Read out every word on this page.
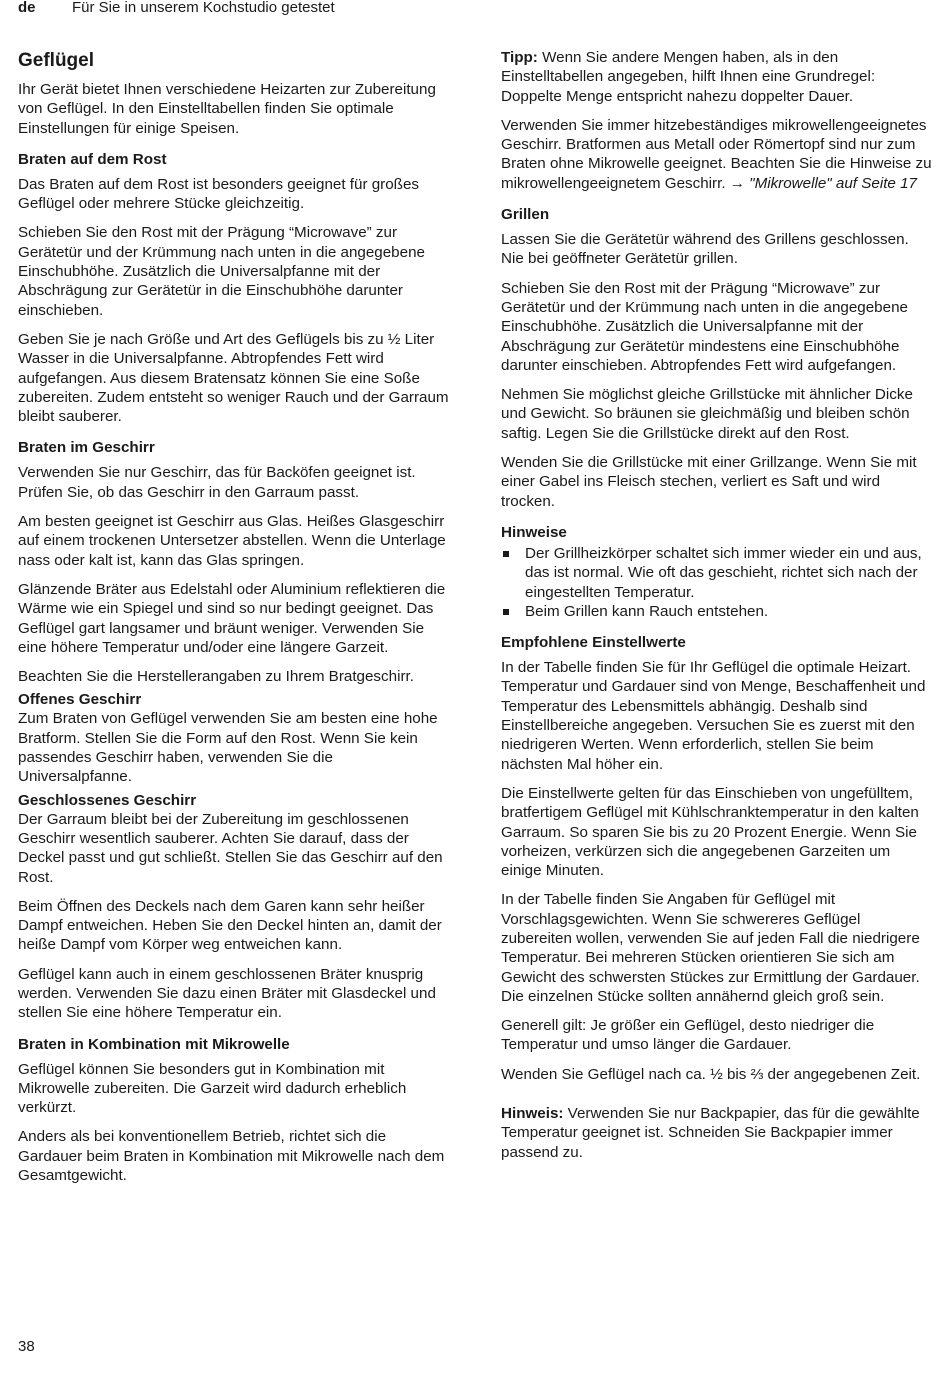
de Für Sie in unserem Kochstudio getestet
Geflügel

Ihr Gerät bietet Ihnen verschiedene Heizarten zur Zubereitung von Geflügel. In den Einstelltabellen finden Sie optimale Einstellungen für einige Speisen.

Braten auf dem Rost

Das Braten auf dem Rost ist besonders geeignet für großes Geflügel oder mehrere Stücke gleichzeitig.

Schieben Sie den Rost mit der Prägung “Microwave” zur Gerätetür und der Krümmung nach unten in die angegebene Einschubhöhe. Zusätzlich die Universalpfanne mit der Abschrägung zur Gerätetür in die Einschubhöhe darunter einschieben.

Geben Sie je nach Größe und Art des Geflügels bis zu ½ Liter Wasser in die Universalpfanne. Abtropfendes Fett wird aufgefangen. Aus diesem Bratensatz können Sie eine Soße zubereiten. Zudem entsteht so weniger Rauch und der Garraum bleibt sauberer.

Braten im Geschirr

Verwenden Sie nur Geschirr, das für Backöfen geeignet ist. Prüfen Sie, ob das Geschirr in den Garraum passt.

Am besten geeignet ist Geschirr aus Glas. Heißes Glasgeschirr auf einem trockenen Untersetzer abstellen. Wenn die Unterlage nass oder kalt ist, kann das Glas springen.

Glänzende Bräter aus Edelstahl oder Aluminium reflektieren die Wärme wie ein Spiegel und sind so nur bedingt geeignet. Das Geflügel gart langsamer und bräunt weniger. Verwenden Sie eine höhere Temperatur und/oder eine längere Garzeit.

Beachten Sie die Herstellerangaben zu Ihrem Bratgeschirr.

Offenes Geschirr

Zum Braten von Geflügel verwenden Sie am besten eine hohe Bratform. Stellen Sie die Form auf den Rost. Wenn Sie kein passendes Geschirr haben, verwenden Sie die Universalpfanne.

Geschlossenes Geschirr

Der Garraum bleibt bei der Zubereitung im geschlossenen Geschirr wesentlich sauberer. Achten Sie darauf, dass der Deckel passt und gut schließt. Stellen Sie das Geschirr auf den Rost.

Beim Öffnen des Deckels nach dem Garen kann sehr heißer Dampf entweichen. Heben Sie den Deckel hinten an, damit der heiße Dampf vom Körper weg entweichen kann.

Geflügel kann auch in einem geschlossenen Bräter knusprig werden. Verwenden Sie dazu einen Bräter mit Glasdeckel und stellen Sie eine höhere Temperatur ein.

Braten in Kombination mit Mikrowelle

Geflügel können Sie besonders gut in Kombination mit Mikrowelle zubereiten. Die Garzeit wird dadurch erheblich verkürzt.

Anders als bei konventionellem Betrieb, richtet sich die Gardauer beim Braten in Kombination mit Mikrowelle nach dem Gesamtgewicht.

Tipp: Wenn Sie andere Mengen haben, als in den Einstelltabellen angegeben, hilft Ihnen eine Grundregel: Doppelte Menge entspricht nahezu doppelter Dauer.

Verwenden Sie immer hitzebeständiges mikrowellengeeignetes Geschirr. Bratformen aus Metall oder Römertopf sind nur zum Braten ohne Mikrowelle geeignet. Beachten Sie die Hinweise zu mikrowellengeeignetem Geschirr. → "Mikrowelle" auf Seite 17

Grillen

Lassen Sie die Gerätetür während des Grillens geschlossen. Nie bei geöffneter Gerätetür grillen.

Schieben Sie den Rost mit der Prägung “Microwave” zur Gerätetür und der Krümmung nach unten in die angegebene Einschubhöhe. Zusätzlich die Universalpfanne mit der Abschrägung zur Gerätetür mindestens eine Einschubhöhe darunter einschieben. Abtropfendes Fett wird aufgefangen.

Nehmen Sie möglichst gleiche Grillstücke mit ähnlicher Dicke und Gewicht. So bräunen sie gleichmäßig und bleiben schön saftig. Legen Sie die Grillstücke direkt auf den Rost.

Wenden Sie die Grillstücke mit einer Grillzange. Wenn Sie mit einer Gabel ins Fleisch stechen, verliert es Saft und wird trocken.

Hinweise
Der Grillheizkörper schaltet sich immer wieder ein und aus, das ist normal. Wie oft das geschieht, richtet sich nach der eingestellten Temperatur.
Beim Grillen kann Rauch entstehen.
Empfohlene Einstellwerte

In der Tabelle finden Sie für Ihr Geflügel die optimale Heizart. Temperatur und Gardauer sind von Menge, Beschaffenheit und Temperatur des Lebensmittels abhängig. Deshalb sind Einstellbereiche angegeben. Versuchen Sie es zuerst mit den niedrigeren Werten. Wenn erforderlich, stellen Sie beim nächsten Mal höher ein.

Die Einstellwerte gelten für das Einschieben von ungefülltem, bratfertigem Geflügel mit Kühlschranktemperatur in den kalten Garraum. So sparen Sie bis zu 20 Prozent Energie. Wenn Sie vorheizen, verkürzen sich die angegebenen Garzeiten um einige Minuten.

In der Tabelle finden Sie Angaben für Geflügel mit Vorschlagsgewichten. Wenn Sie schwereres Geflügel zubereiten wollen, verwenden Sie auf jeden Fall die niedrigere Temperatur. Bei mehreren Stücken orientieren Sie sich am Gewicht des schwersten Stückes zur Ermittlung der Gardauer. Die einzelnen Stücke sollten annähernd gleich groß sein.

Generell gilt: Je größer ein Geflügel, desto niedriger die Temperatur und umso länger die Gardauer.

Wenden Sie Geflügel nach ca. ½ bis ⅔ der angegebenen Zeit.

Hinweis: Verwenden Sie nur Backpapier, das für die gewählte Temperatur geeignet ist. Schneiden Sie Backpapier immer passend zu.

38
